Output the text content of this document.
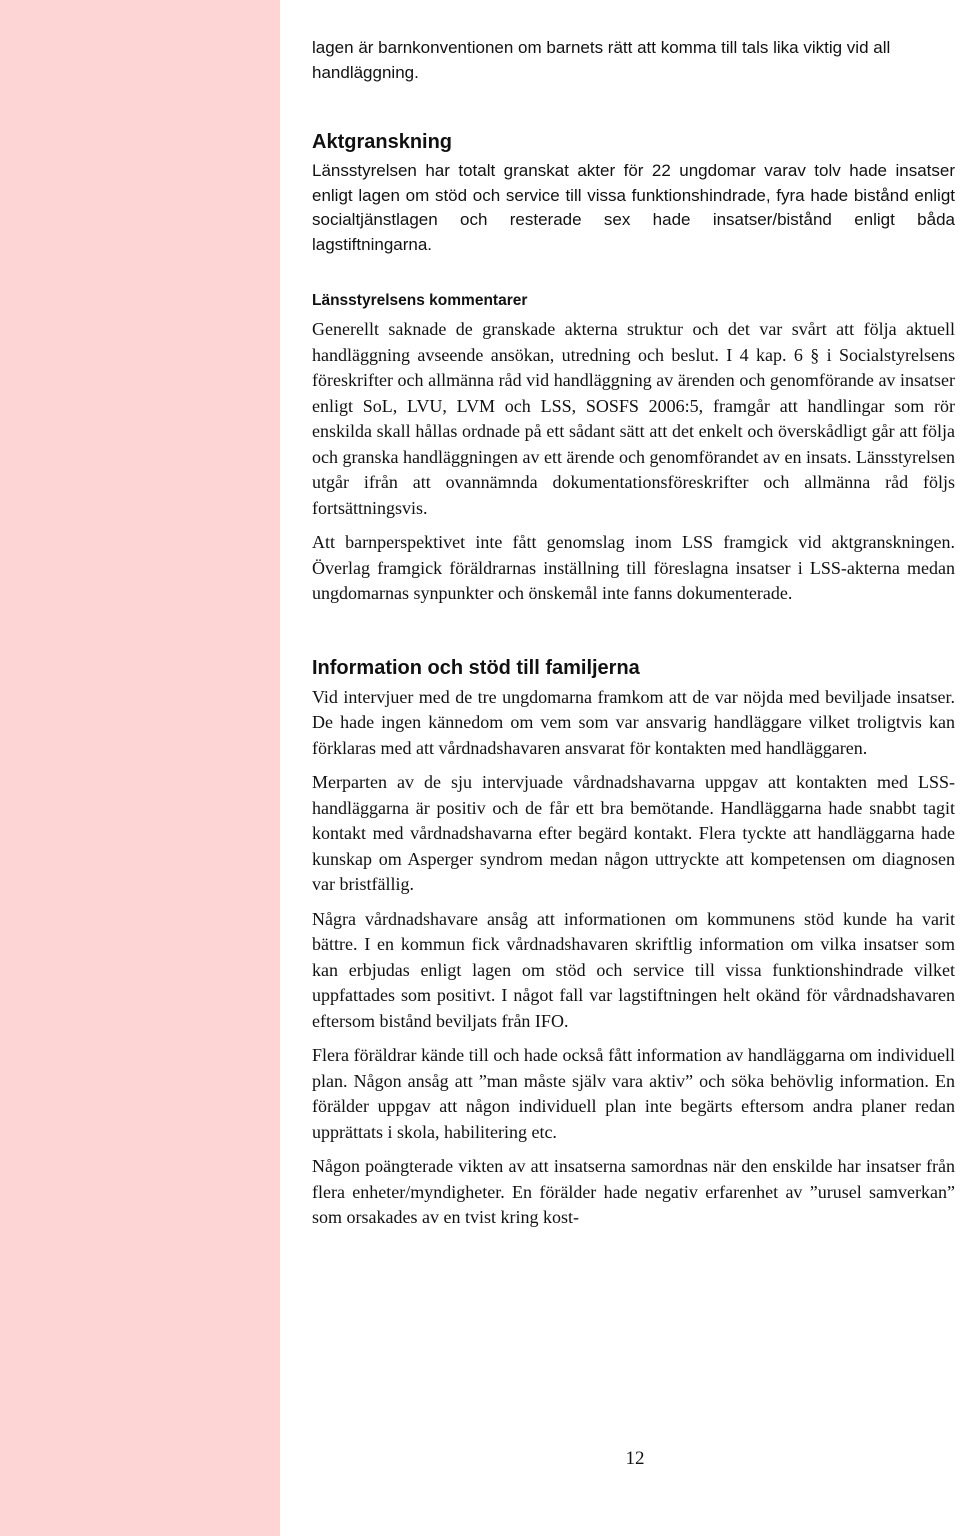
lagen är barnkonventionen om barnets rätt att komma till tals lika viktig vid all handläggning.

Aktgranskning

Länsstyrelsen har totalt granskat akter för 22 ungdomar varav tolv hade insatser enligt lagen om stöd och service till vissa funktionshindrade, fyra hade bistånd enligt socialtjänstlagen och resterade sex hade insatser/bistånd enligt båda lagstiftningarna.

Länsstyrelsens kommentarer

Generellt saknade de granskade akterna struktur och det var svårt att följa aktuell handläggning avseende ansökan, utredning och beslut. I 4 kap. 6 § i Socialstyrelsens föreskrifter och allmänna råd vid handläggning av ärenden och genomförande av insatser enligt SoL, LVU, LVM och LSS, SOSFS 2006:5, framgår att handlingar som rör enskilda skall hållas ordnade på ett sådant sätt att det enkelt och överskådligt går att följa och granska handläggningen av ett ärende och genomförandet av en insats. Länsstyrelsen utgår ifrån att ovannämnda dokumentationsföreskrifter och allmänna råd följs fortsättningsvis.

Att barnperspektivet inte fått genomslag inom LSS framgick vid aktgranskningen. Överlag framgick föräldrarnas inställning till föreslagna insatser i LSS-akterna medan ungdomarnas synpunkter och önskemål inte fanns dokumenterade.

Information och stöd till familjerna

Vid intervjuer med de tre ungdomarna framkom att de var nöjda med beviljade insatser. De hade ingen kännedom om vem som var ansvarig handläggare vilket troligtvis kan förklaras med att vårdnadshavaren ansvarat för kontakten med handläggaren.

Merparten av de sju intervjuade vårdnadshavarna uppgav att kontakten med LSS-handläggarna är positiv och de får ett bra bemötande. Handläggarna hade snabbt tagit kontakt med vårdnadshavarna efter begärd kontakt. Flera tyckte att handläggarna hade kunskap om Asperger syndrom medan någon uttryckte att kompetensen om diagnosen var bristfällig.

Några vårdnadshavare ansåg att informationen om kommunens stöd kunde ha varit bättre. I en kommun fick vårdnadshavaren skriftlig information om vilka insatser som kan erbjudas enligt lagen om stöd och service till vissa funktionshindrade vilket uppfattades som positivt. I något fall var lagstiftningen helt okänd för vårdnadshavaren eftersom bistånd beviljats från IFO.

Flera föräldrar kände till och hade också fått information av handläggarna om individuell plan. Någon ansåg att ”man måste själv vara aktiv” och söka behövlig information. En förälder uppgav att någon individuell plan inte begärts eftersom andra planer redan upprättats i skola, habilitering etc.

Någon poängterade vikten av att insatserna samordnas när den enskilde har insatser från flera enheter/myndigheter. En förälder hade negativ erfarenhet av ”urusel samverkan” som orsakades av en tvist kring kost-

12
